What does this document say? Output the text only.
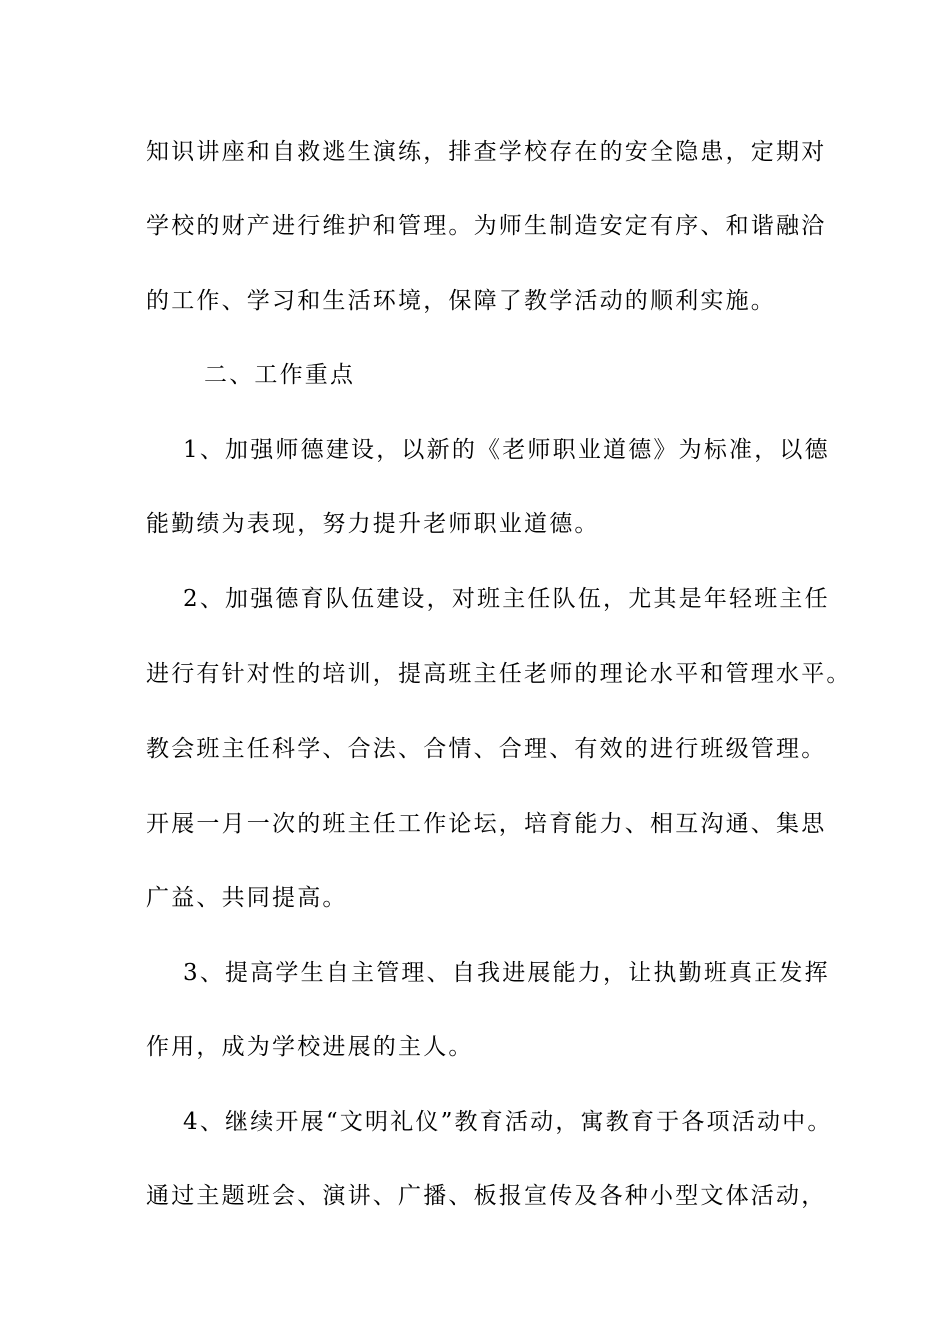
知识讲座和自救逃生演练，排查学校存在的安全隐患，定期对
学校的财产进行维护和管理。为师生制造安定有序、和谐融洽
的工作、学习和生活环境，保障了教学活动的顺利实施。
二、工作重点
1、加强师德建设，以新的《老师职业道德》为标准，以德
能勤绩为表现，努力提升老师职业道德。
2、加强德育队伍建设，对班主任队伍，尤其是年轻班主任
进行有针对性的培训，提高班主任老师的理论水平和管理水平。
教会班主任科学、合法、合情、合理、有效的进行班级管理。
开展一月一次的班主任工作论坛，培育能力、相互沟通、集思
广益、共同提高。
3、提高学生自主管理、自我进展能力，让执勤班真正发挥
作用，成为学校进展的主人。
4、继续开展“文明礼仪”教育活动，寓教育于各项活动中。
通过主题班会、演讲、广播、板报宣传及各种小型文体活动，
